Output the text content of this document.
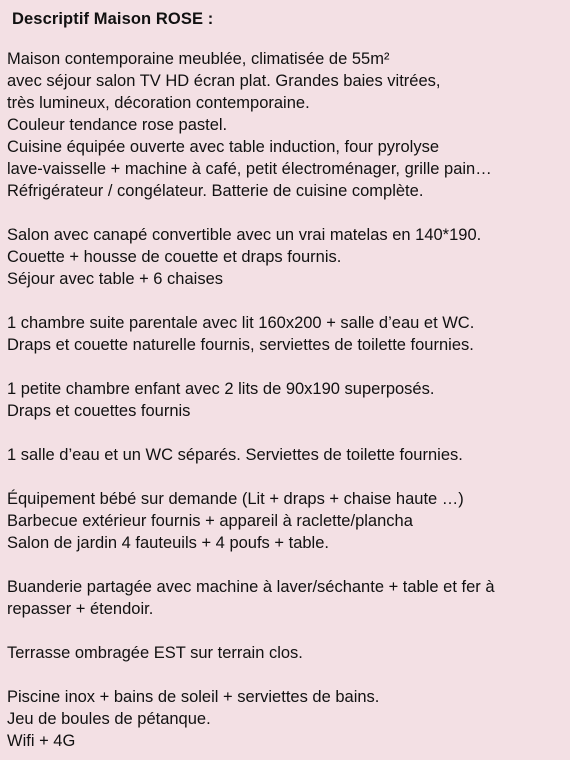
Descriptif Maison ROSE :
Maison contemporaine meublée, climatisée de 55m²
avec séjour salon TV HD écran plat. Grandes baies vitrées,
très lumineux, décoration contemporaine.
Couleur tendance rose pastel.
Cuisine équipée ouverte avec table induction, four pyrolyse
lave-vaisselle + machine à café, petit électroménager, grille pain…
Réfrigérateur / congélateur. Batterie de cuisine complète.
Salon avec canapé convertible avec un vrai matelas en 140*190.
Couette + housse de couette et draps fournis.
Séjour avec table + 6 chaises
1 chambre suite parentale avec lit 160x200 + salle d’eau et WC.
Draps et couette naturelle fournis, serviettes de toilette fournies.
1 petite chambre enfant avec 2 lits de 90x190 superposés.
Draps et couettes fournis
1 salle d’eau et un WC séparés. Serviettes de toilette fournies.
Équipement bébé sur demande (Lit + draps + chaise haute …)
Barbecue extérieur fournis + appareil à raclette/plancha
Salon de jardin 4 fauteuils + 4 poufs + table.
Buanderie partagée avec machine à laver/séchante + table et fer à
repasser + étendoir.
Terrasse ombragée EST sur terrain clos.
Piscine inox + bains de soleil + serviettes de bains.
Jeu de boules de pétanque.
Wifi + 4G
